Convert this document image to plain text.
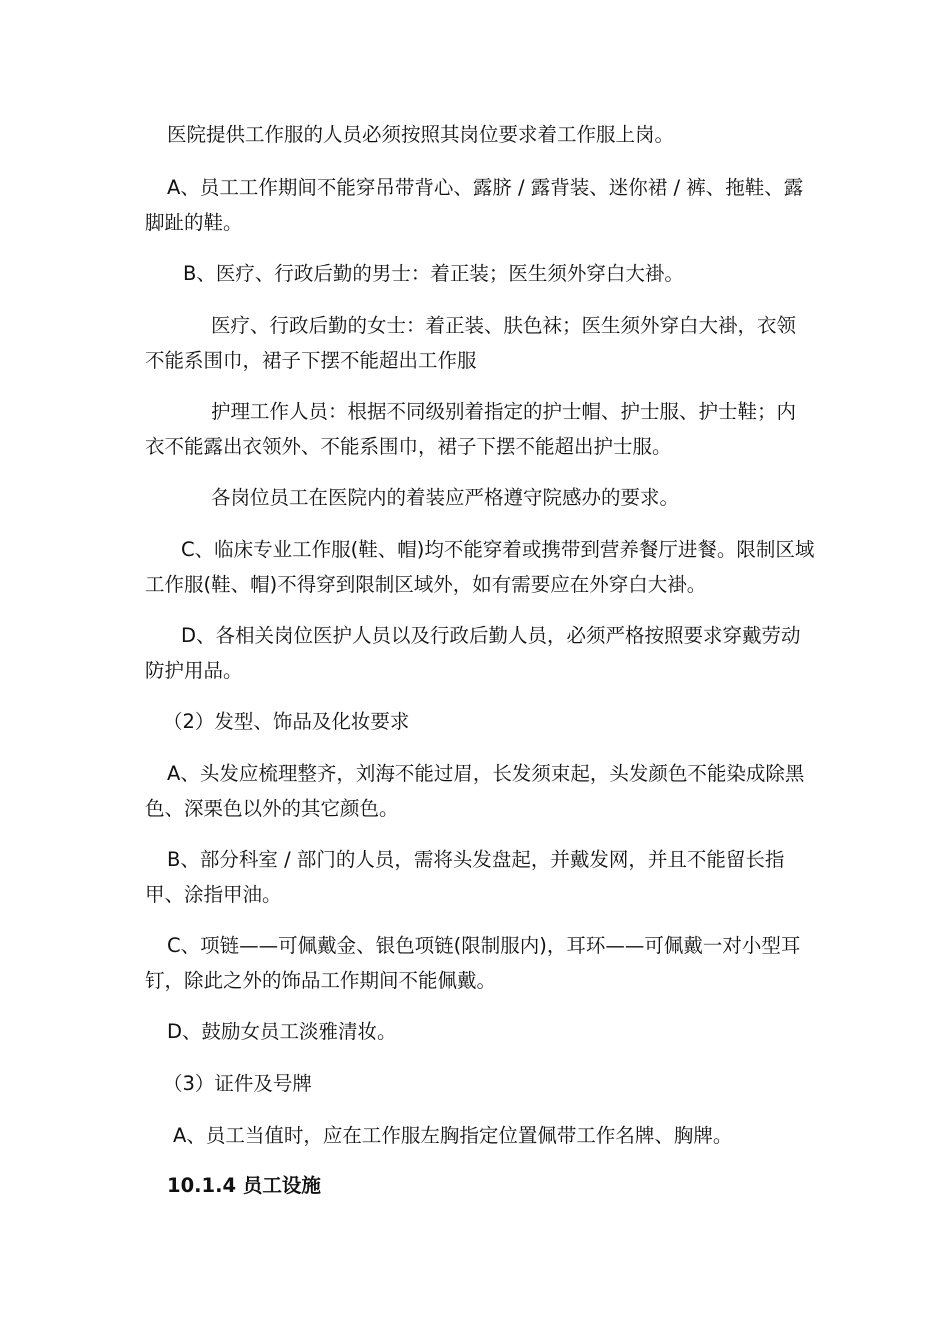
医院提供工作服的人员必须按照其岗位要求着工作服上岗。

A、员工工作期间不能穿吊带背心、露脐 / 露背装、迷你裙 / 裤、拖鞋、露脚趾的鞋。

B、医疗、行政后勤的男士：着正装；医生须外穿白大褂。

医疗、行政后勤的女士：着正装、肤色袜；医生须外穿白大褂，衣领不能系围巾，裙子下摆不能超出工作服

护理工作人员：根据不同级别着指定的护士帽、护士服、护士鞋；内衣不能露出衣领外、不能系围巾，裙子下摆不能超出护士服。

各岗位员工在医院内的着装应严格遵守院感办的要求。

C、临床专业工作服(鞋、帽)均不能穿着或携带到营养餐厅进餐。限制区域工作服(鞋、帽)不得穿到限制区域外，如有需要应在外穿白大褂。

D、各相关岗位医护人员以及行政后勤人员，必须严格按照要求穿戴劳动防护用品。

（2）发型、饰品及化妆要求

A、头发应梳理整齐，刘海不能过眉，长发须束起，头发颜色不能染成除黑色、深栗色以外的其它颜色。

B、部分科室 / 部门的人员，需将头发盘起，并戴发网，并且不能留长指甲、涂指甲油。

C、项链——可佩戴金、银色项链(限制服内)，耳环——可佩戴一对小型耳钉，除此之外的饰品工作期间不能佩戴。

D、鼓励女员工淡雅清妆。

（3）证件及号牌

A、员工当值时，应在工作服左胸指定位置佩带工作名牌、胸牌。

10.1.4 员工设施
